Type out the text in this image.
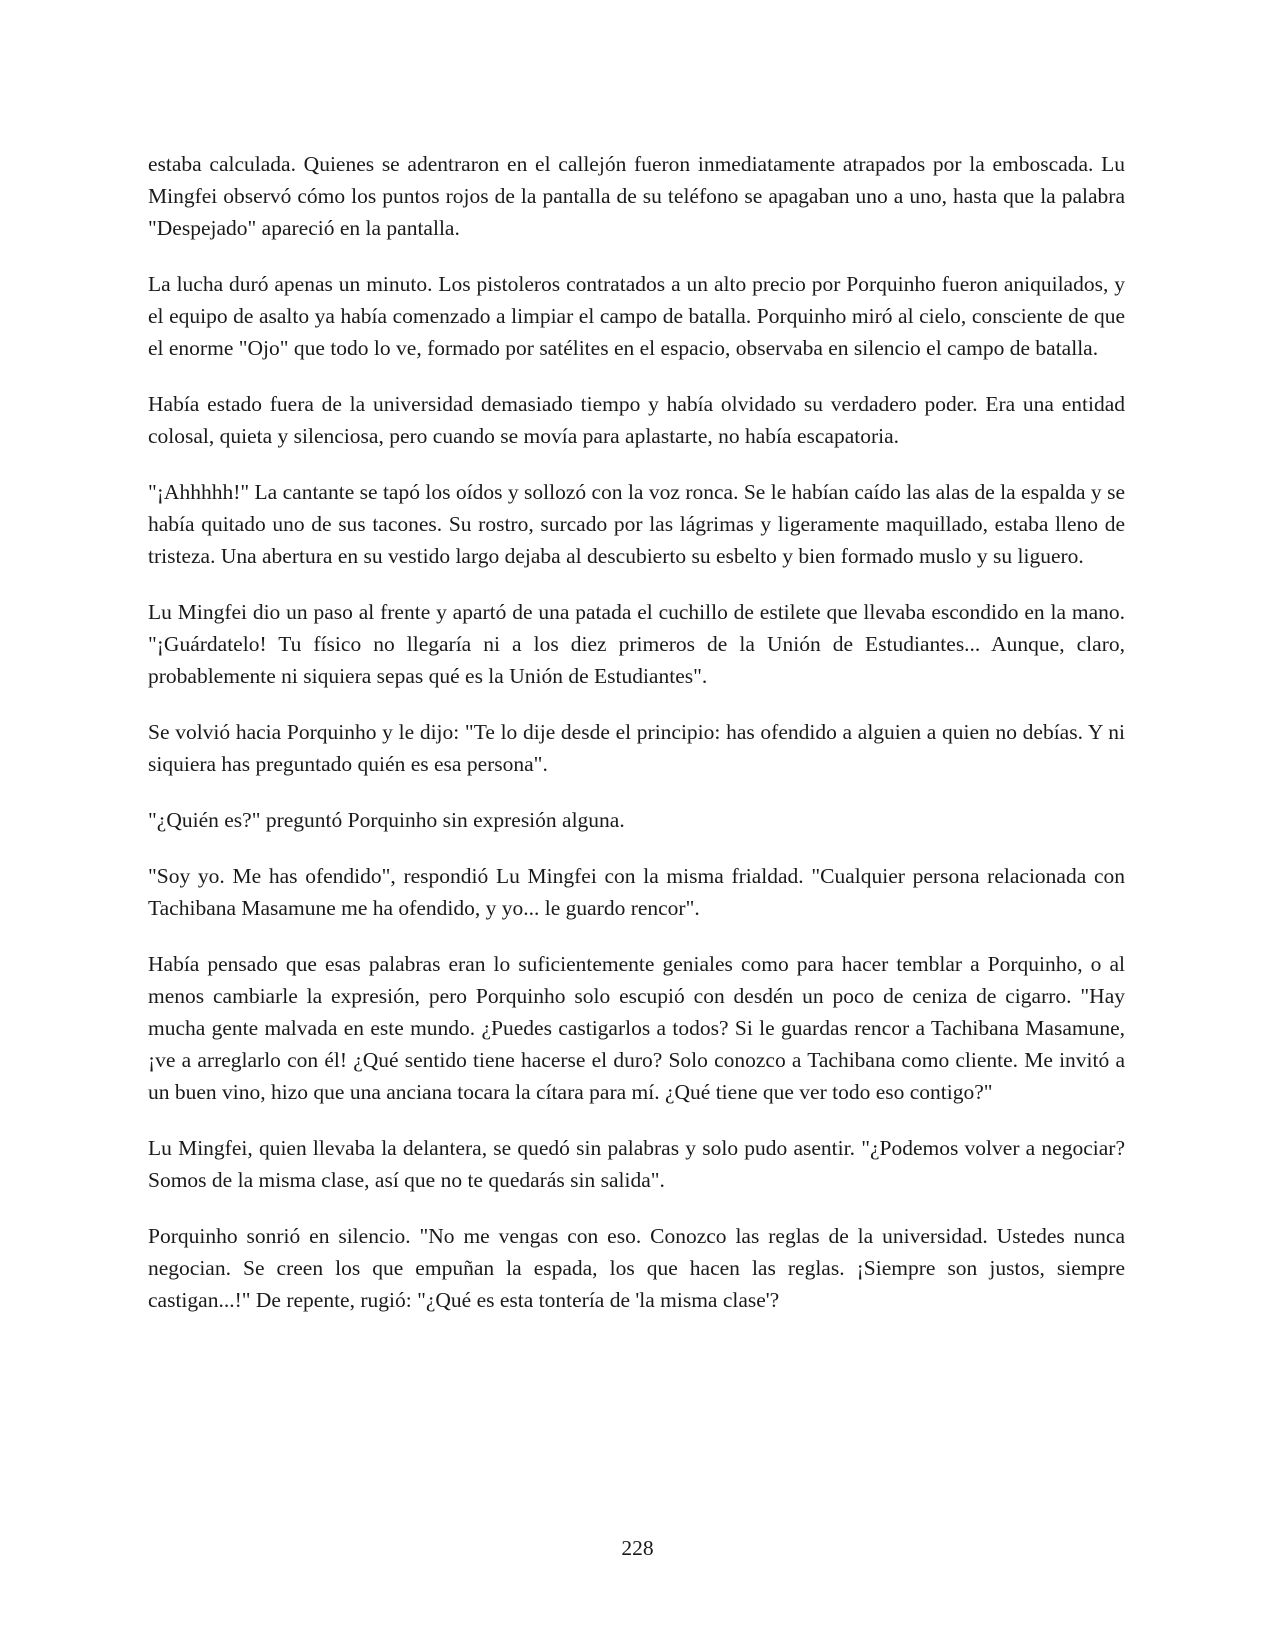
estaba calculada. Quienes se adentraron en el callejón fueron inmediatamente atrapados por la emboscada. Lu Mingfei observó cómo los puntos rojos de la pantalla de su teléfono se apagaban uno a uno, hasta que la palabra "Despejado" apareció en la pantalla.

La lucha duró apenas un minuto. Los pistoleros contratados a un alto precio por Porquinho fueron aniquilados, y el equipo de asalto ya había comenzado a limpiar el campo de batalla. Porquinho miró al cielo, consciente de que el enorme "Ojo" que todo lo ve, formado por satélites en el espacio, observaba en silencio el campo de batalla.

Había estado fuera de la universidad demasiado tiempo y había olvidado su verdadero poder. Era una entidad colosal, quieta y silenciosa, pero cuando se movía para aplastarte, no había escapatoria.

"¡Ahhhhh!" La cantante se tapó los oídos y sollozó con la voz ronca. Se le habían caído las alas de la espalda y se había quitado uno de sus tacones. Su rostro, surcado por las lágrimas y ligeramente maquillado, estaba lleno de tristeza. Una abertura en su vestido largo dejaba al descubierto su esbelto y bien formado muslo y su liguero.

Lu Mingfei dio un paso al frente y apartó de una patada el cuchillo de estilete que llevaba escondido en la mano. "¡Guárdatelo! Tu físico no llegaría ni a los diez primeros de la Unión de Estudiantes... Aunque, claro, probablemente ni siquiera sepas qué es la Unión de Estudiantes".

Se volvió hacia Porquinho y le dijo: "Te lo dije desde el principio: has ofendido a alguien a quien no debías. Y ni siquiera has preguntado quién es esa persona".

"¿Quién es?" preguntó Porquinho sin expresión alguna.

"Soy yo. Me has ofendido", respondió Lu Mingfei con la misma frialdad. "Cualquier persona relacionada con Tachibana Masamune me ha ofendido, y yo... le guardo rencor".

Había pensado que esas palabras eran lo suficientemente geniales como para hacer temblar a Porquinho, o al menos cambiarle la expresión, pero Porquinho solo escupió con desdén un poco de ceniza de cigarro. "Hay mucha gente malvada en este mundo. ¿Puedes castigarlos a todos? Si le guardas rencor a Tachibana Masamune, ¡ve a arreglarlo con él! ¿Qué sentido tiene hacerse el duro? Solo conozco a Tachibana como cliente. Me invitó a un buen vino, hizo que una anciana tocara la cítara para mí. ¿Qué tiene que ver todo eso contigo?"

Lu Mingfei, quien llevaba la delantera, se quedó sin palabras y solo pudo asentir. "¿Podemos volver a negociar? Somos de la misma clase, así que no te quedarás sin salida".

Porquinho sonrió en silencio. "No me vengas con eso. Conozco las reglas de la universidad. Ustedes nunca negocian. Se creen los que empuñan la espada, los que hacen las reglas. ¡Siempre son justos, siempre castigan...!" De repente, rugió: "¿Qué es esta tontería de 'la misma clase'?

228
